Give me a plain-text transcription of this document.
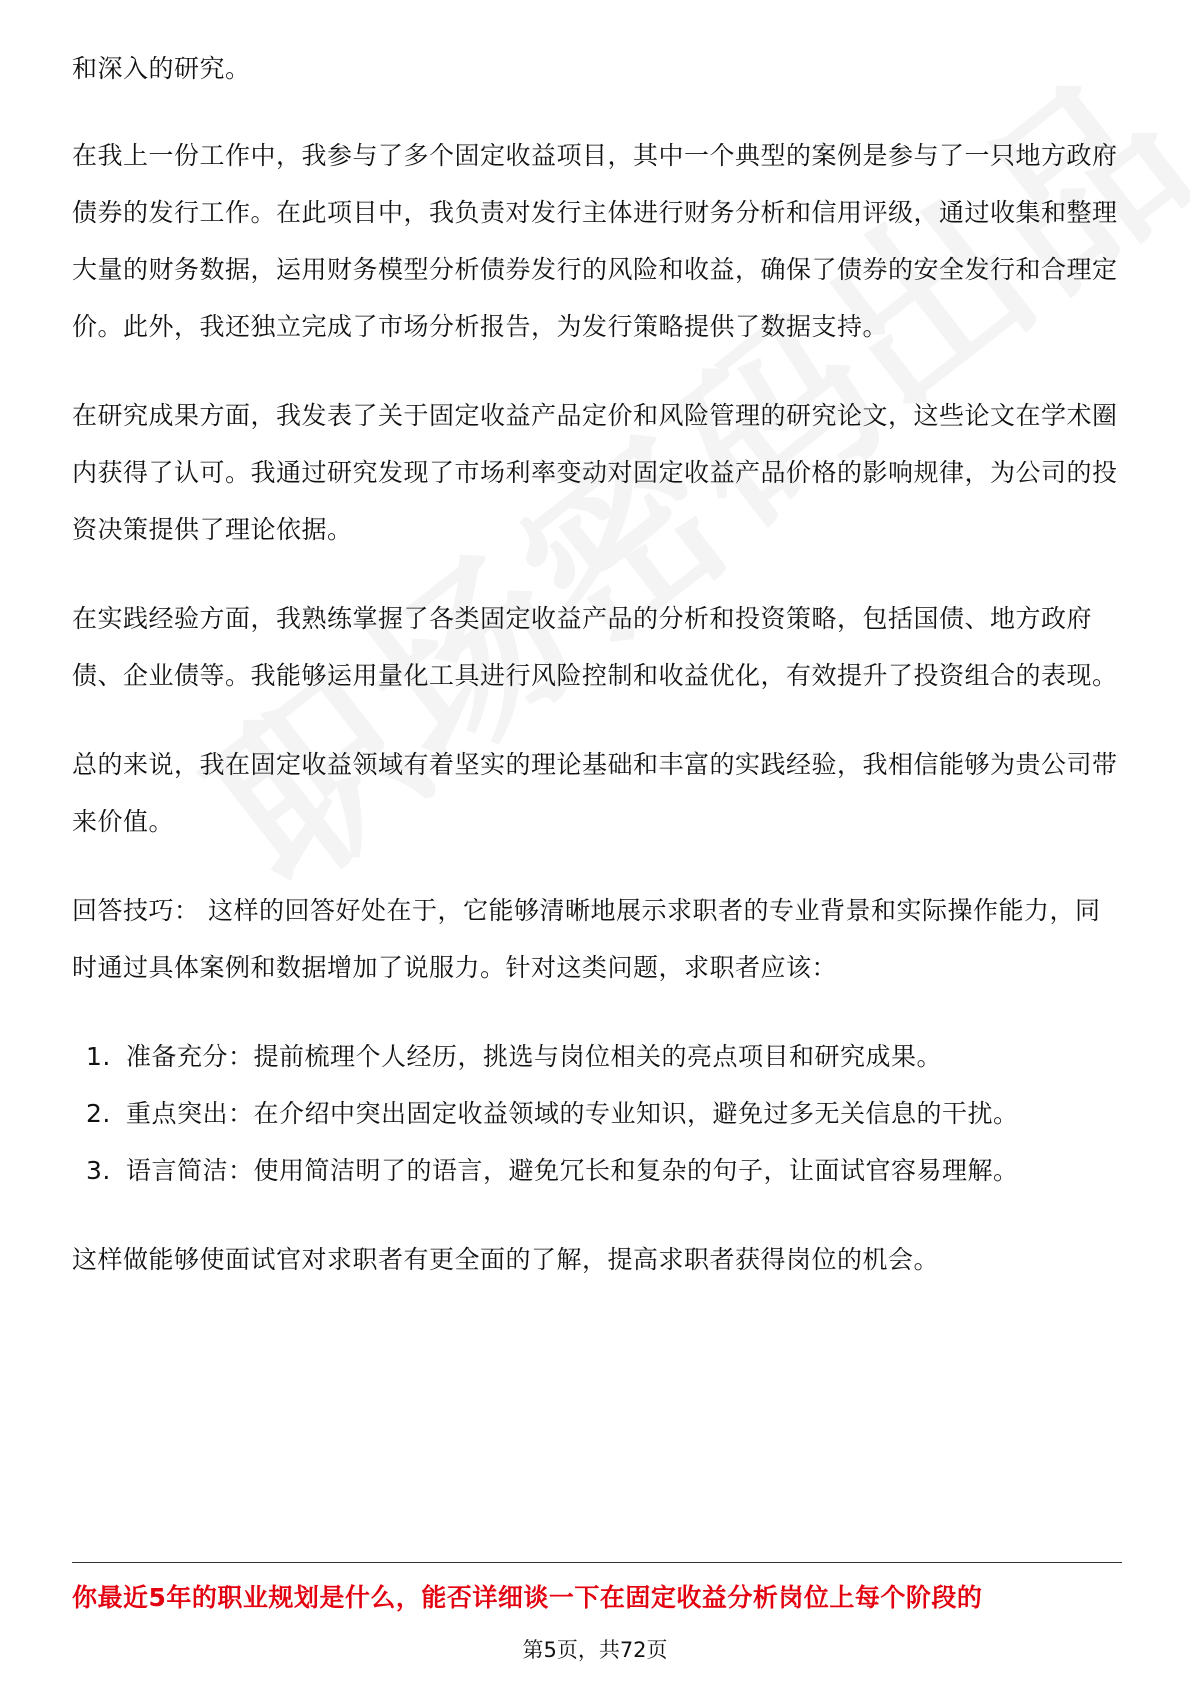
和深入的研究。

在我上一份工作中，我参与了多个固定收益项目，其中一个典型的案例是参与了一只地方政府债券的发行工作。在此项目中，我负责对发行主体进行财务分析和信用评级，通过收集和整理大量的财务数据，运用财务模型分析债券发行的风险和收益，确保了债券的安全发行和合理定价。此外，我还独立完成了市场分析报告，为发行策略提供了数据支持。

在研究成果方面，我发表了关于固定收益产品定价和风险管理的研究论文，这些论文在学术圈内获得了认可。我通过研究发现了市场利率变动对固定收益产品价格的影响规律，为公司的投资决策提供了理论依据。

在实践经验方面，我熟练掌握了各类固定收益产品的分析和投资策略，包括国债、地方政府债、企业债等。我能够运用量化工具进行风险控制和收益优化，有效提升了投资组合的表现。

总的来说，我在固定收益领域有着坚实的理论基础和丰富的实践经验，我相信能够为贵公司带来价值。

回答技巧： 这样的回答好处在于，它能够清晰地展示求职者的专业背景和实际操作能力，同时通过具体案例和数据增加了说服力。针对这类问题，求职者应该：

1. 准备充分：提前梳理个人经历，挑选与岗位相关的亮点项目和研究成果。
2. 重点突出：在介绍中突出固定收益领域的专业知识，避免过多无关信息的干扰。
3. 语言简洁：使用简洁明了的语言，避免冗长和复杂的句子，让面试官容易理解。

这样做能够使面试官对求职者有更全面的了解，提高求职者获得岗位的机会。

你最近5年的职业规划是什么，能否详细谈一下在固定收益分析岗位上每个阶段的
第5页，共72页
